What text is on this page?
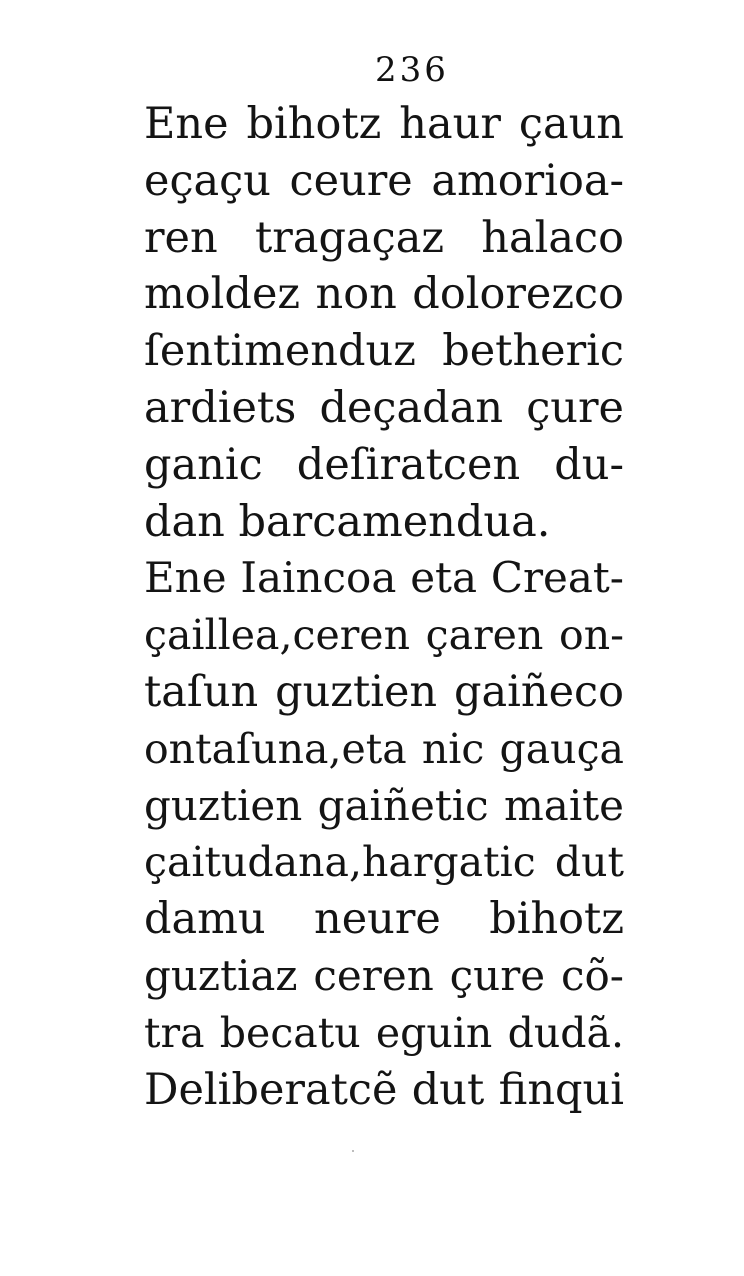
236
Ene bihotz haur çaun
eçaçu ceure amorioa-
ren tragaçaz halaco
moldez non dolorezco
ſentimenduz betheric
ardiets deçadan çure
ganic deſiratcen du-
dan barcamendua.
Ene Iaincoa eta Creat-
çaillea,ceren çaren on-
taſun guztien gaiñeco
ontaſuna,eta nic gauça
guztien gaiñetic maite
çaitudana,hargatic dut
damu neure bihotz
guztiaz ceren çure cõ-
tra becatu eguin dudã.
Deliberatcẽ dut finqui
